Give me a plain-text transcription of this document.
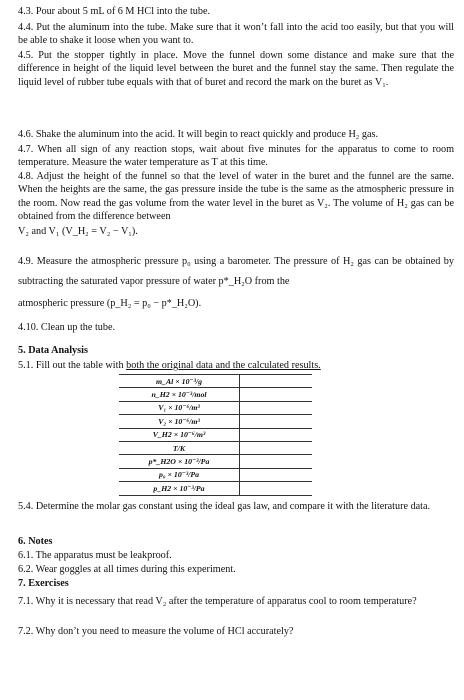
4.3. Pour about 5 mL of 6 M HCl into the tube.
4.4. Put the aluminum into the tube. Make sure that it won’t fall into the acid too easily, but that you will be able to shake it loose when you want to.
4.5. Put the stopper tightly in place. Move the funnel down some distance and make sure that the difference in height of the liquid level between the buret and the funnel stay the same. Then regulate the liquid level of rubber tube equals with that of buret and record the mark on the buret as V₁.
4.6. Shake the aluminum into the acid. It will begin to react quickly and produce H₂ gas.
4.7. When all sign of any reaction stops, wait about five minutes for the apparatus to come to room temperature. Measure the water temperature as T at this time.
4.8. Adjust the height of the funnel so that the level of water in the buret and the funnel are the same. When the heights are the same, the gas pressure inside the tube is the same as the atmospheric pressure in the room. Now read the gas volume from the water level in the buret as V₂. The volume of H₂ gas can be obtained from the difference between
V₂ and V₁ (V_H₂ = V₂ − V₁).
4.9. Measure the atmospheric pressure p₀ using a barometer. The pressure of H₂ gas can be obtained by subtracting the saturated vapor pressure of water p*_H₂O from the
atmospheric pressure (p_H₂ = p₀ − p*_H₂O).
4.10. Clean up the tube.
5. Data Analysis
5.1. Fill out the table with both the original data and the calculated results.
m_Al × 10⁻³/g	
n_H2 × 10⁻³/mol	
V₁ × 10⁻⁶/m³	
V₂ × 10⁻⁶/m³	
V_H2 × 10⁻⁶/m³	
T/K	
p*_H2O × 10⁻³/Pa	
p₀ × 10⁻³/Pa	
p_H2 × 10⁻³/Pa	
5.4. Determine the molar gas constant using the ideal gas law, and compare it with the literature data.
6. Notes
6.1. The apparatus must be leakproof.
6.2. Wear goggles at all times during this experiment.
7. Exercises
7.1. Why it is necessary that read V₂ after the temperature of apparatus cool to room temperature?
7.2. Why don’t you need to measure the volume of HCl accurately?
